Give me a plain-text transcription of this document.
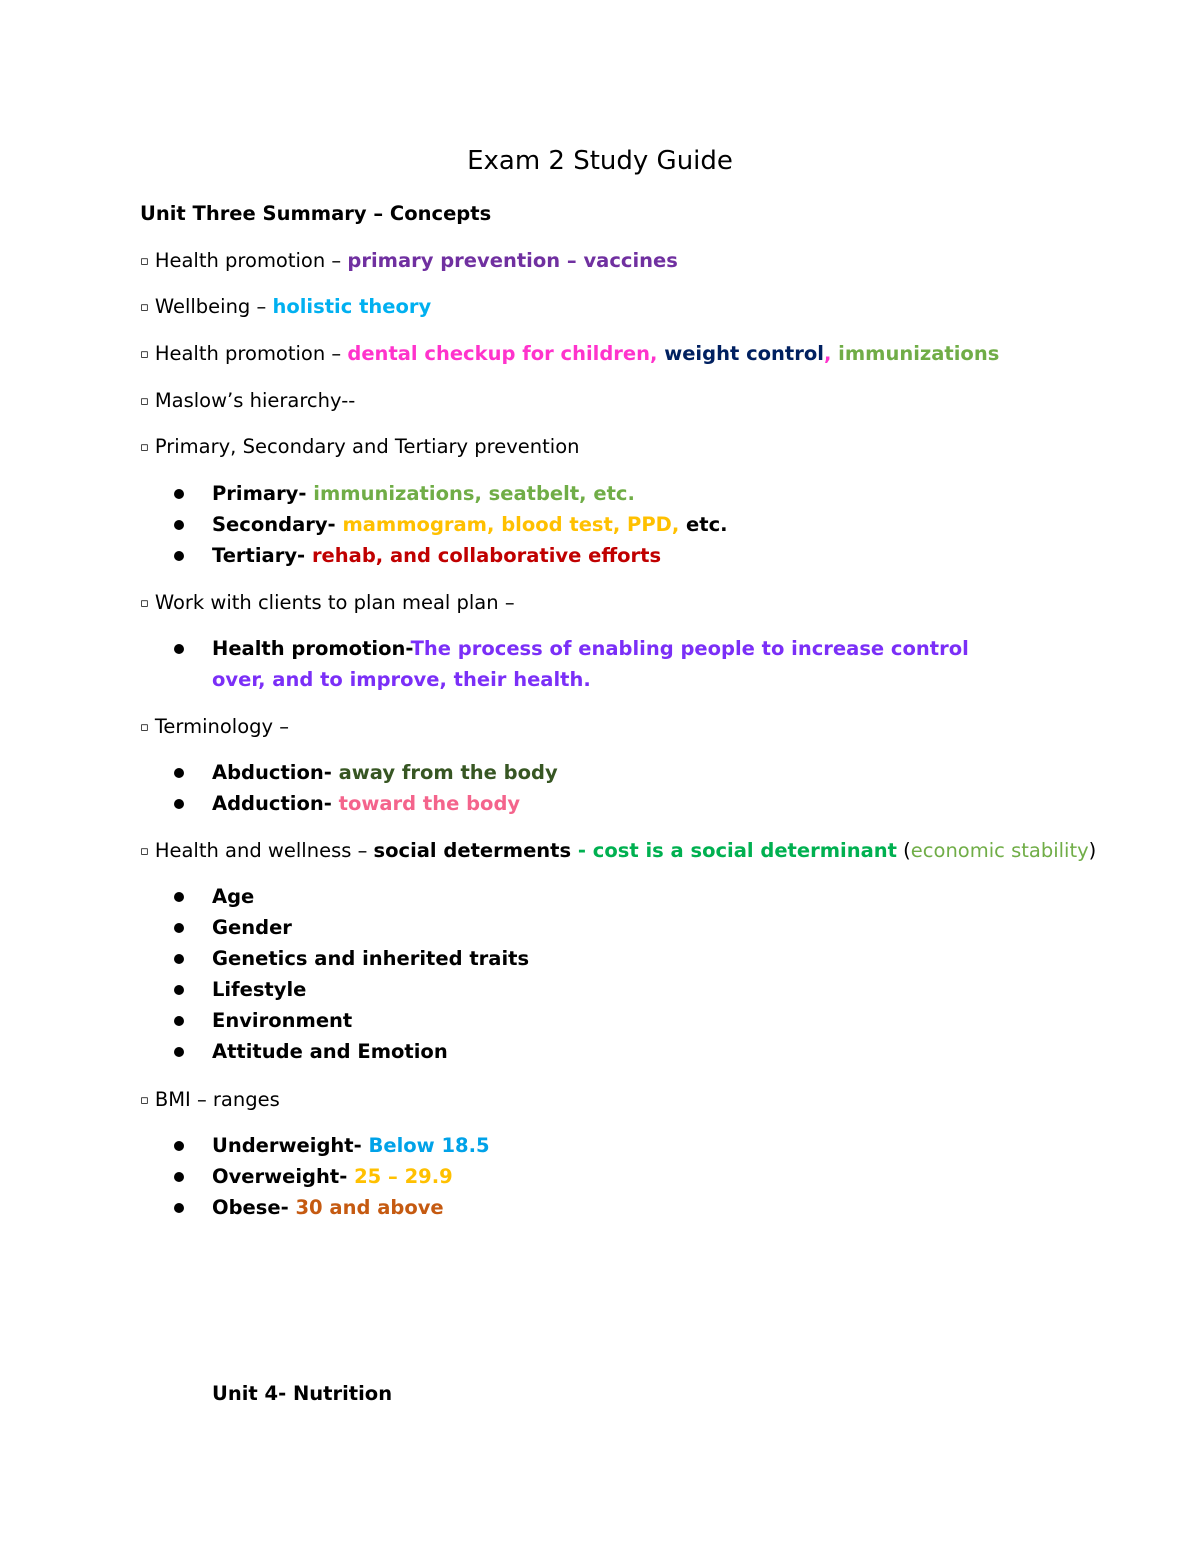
Exam 2 Study Guide
Unit Three Summary – Concepts
▫ Health promotion – primary prevention – vaccines
▫ Wellbeing – holistic theory
▫ Health promotion – dental checkup for children, weight control, immunizations
▫ Maslow’s hierarchy--
▫ Primary, Secondary and Tertiary prevention
Primary- immunizations, seatbelt, etc.
Secondary- mammogram, blood test, PPD, etc.
Tertiary- rehab, and collaborative efforts
▫ Work with clients to plan meal plan –
Health promotion-The process of enabling people to increase control over, and to improve, their health.
▫ Terminology –
Abduction- away from the body
Adduction- toward the body
▫ Health and wellness – social determents - cost is a social determinant (economic stability)
Age
Gender
Genetics and inherited traits
Lifestyle
Environment
Attitude and Emotion
▫ BMI – ranges
Underweight- Below 18.5
Overweight- 25 – 29.9
Obese- 30 and above
Unit 4- Nutrition
